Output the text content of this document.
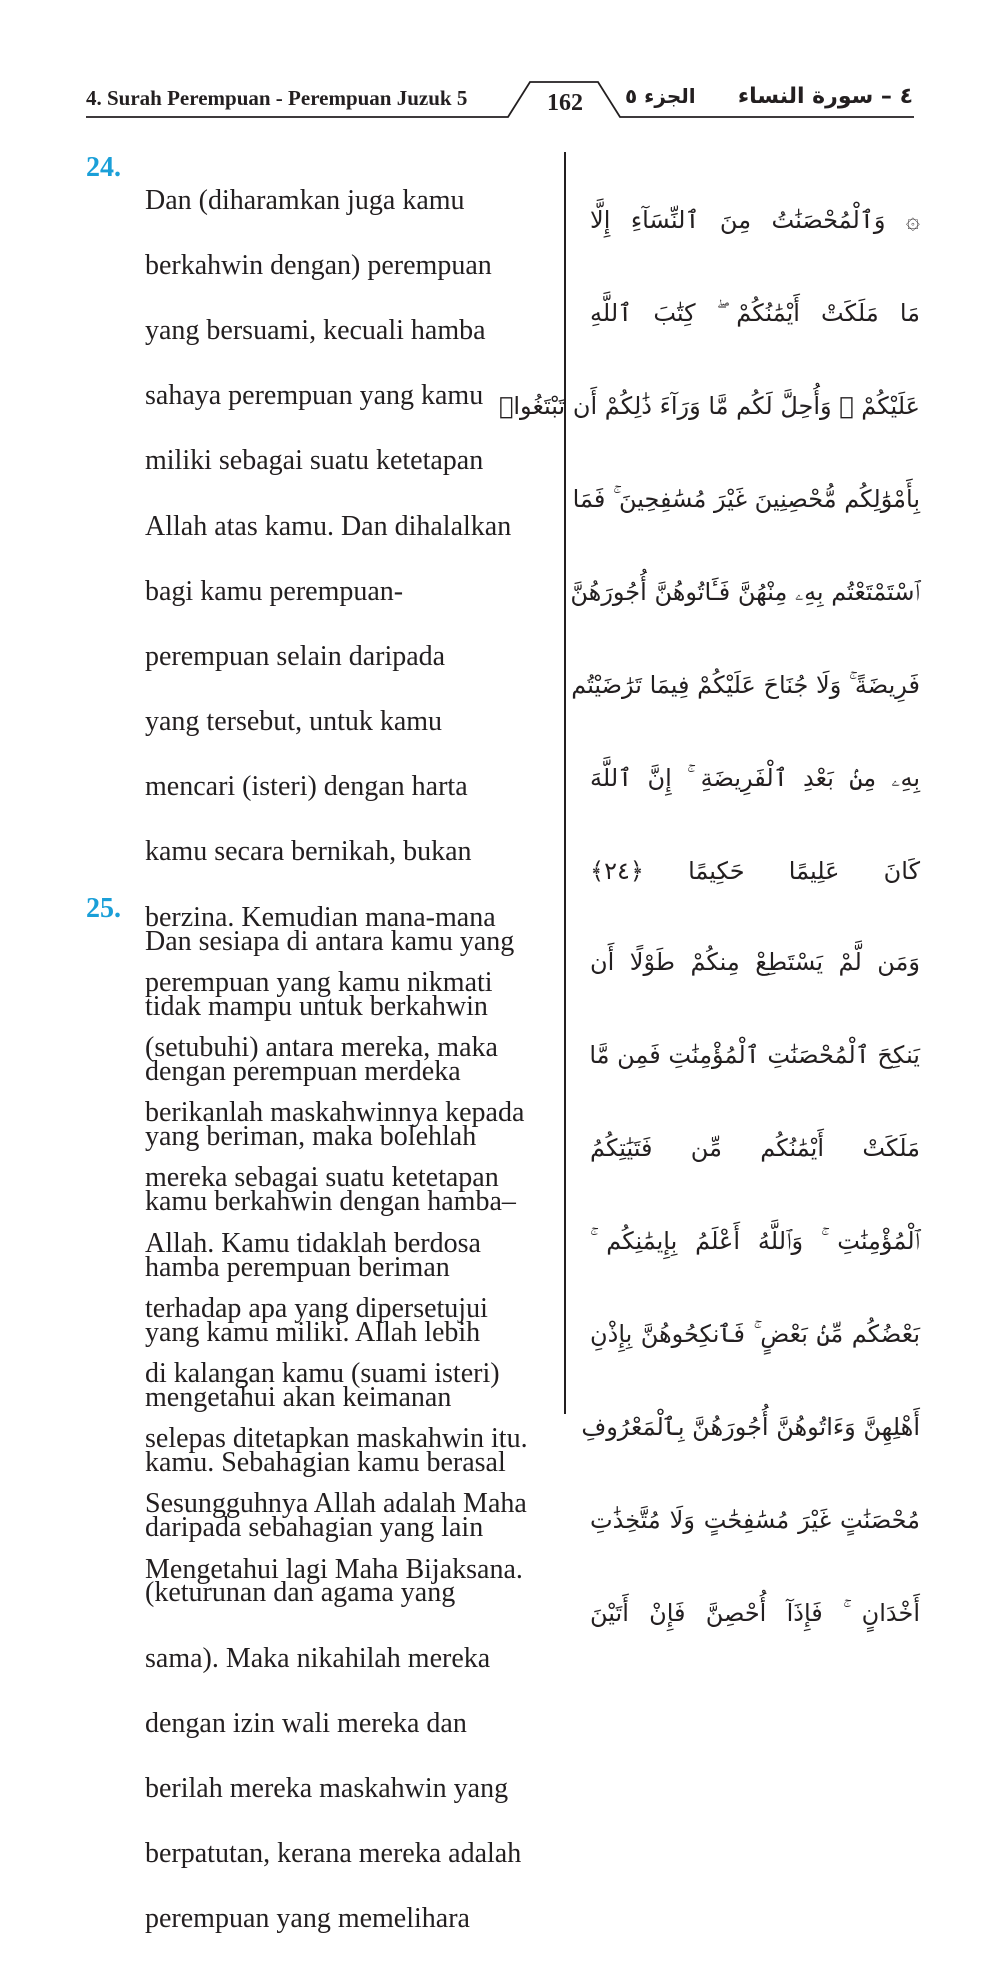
4. Surah Perempuan - Perempuan Juzuk 5	162	الجزء ٥ ٤ – سورة النساء
24.

Dan (diharamkan juga kamu

berkahwin dengan) perempuan

yang bersuami, kecuali hamba

sahaya perempuan yang kamu

miliki sebagai suatu ketetapan

Allah atas kamu. Dan dihalalkan

bagi kamu perempuan-

perempuan selain daripada

yang tersebut, untuk kamu

mencari (isteri) dengan harta

kamu secara bernikah, bukan

berzina. Kemudian mana-mana

perempuan yang kamu nikmati

(setubuhi) antara mereka, maka

berikanlah maskahwinnya kepada

mereka sebagai suatu ketetapan

Allah. Kamu tidaklah berdosa

terhadap apa yang dipersetujui

di kalangan kamu (suami isteri)

selepas ditetapkan maskahwin itu.

Sesungguhnya Allah adalah Maha

Mengetahui lagi Maha Bijaksana.

۞ وَٱلْمُحْصَنَٰتُ مِنَ ٱلنِّسَآءِ إِلَّا

مَا مَلَكَتْ أَيْمَٰنُكُمْ ۖ كِتَٰبَ ٱللَّهِ

عَلَيْكُمْ ۚ وَأُحِلَّ لَكُم مَّا وَرَآءَ ذَٰلِكُمْ أَن تَبْتَغُوا۟

بِأَمْوَٰلِكُم مُّحْصِنِينَ غَيْرَ مُسَٰفِحِينَ ۚ فَمَا

ٱسْتَمْتَعْتُم بِهِۦ مِنْهُنَّ فَـَٔاتُوهُنَّ أُجُورَهُنَّ

فَرِيضَةً ۚ وَلَا جُنَاحَ عَلَيْكُمْ فِيمَا تَرَٰضَيْتُم

بِهِۦ مِنۢ بَعْدِ ٱلْفَرِيضَةِ ۚ إِنَّ ٱللَّهَ

كَانَ عَلِيمًا حَكِيمًا ﴿٢٤﴾

25.

Dan sesiapa di antara kamu yang

tidak mampu untuk berkahwin

dengan perempuan merdeka

yang beriman, maka bolehlah

kamu berkahwin dengan hamba–

hamba perempuan beriman

yang kamu miliki. Allah lebih

mengetahui akan keimanan

kamu. Sebahagian kamu berasal

daripada sebahagian yang lain

(keturunan dan agama yang

sama). Maka nikahilah mereka

dengan izin wali mereka dan

berilah mereka maskahwin yang

berpatutan, kerana mereka adalah

perempuan yang memelihara

وَمَن لَّمْ يَسْتَطِعْ مِنكُمْ طَوْلًا أَن

يَنكِحَ ٱلْمُحْصَنَٰتِ ٱلْمُؤْمِنَٰتِ فَمِن مَّا

مَلَكَتْ أَيْمَٰنُكُم مِّن فَتَيَٰتِكُمُ

ٱلْمُؤْمِنَٰتِ ۚ وَٱللَّهُ أَعْلَمُ بِإِيمَٰنِكُم ۚ

بَعْضُكُم مِّنۢ بَعْضٍ ۚ فَٱنكِحُوهُنَّ بِإِذْنِ

أَهْلِهِنَّ وَءَاتُوهُنَّ أُجُورَهُنَّ بِٱلْمَعْرُوفِ

مُحْصَنَٰتٍ غَيْرَ مُسَٰفِحَٰتٍ وَلَا مُتَّخِذَٰتِ

أَخْدَانٍ ۚ فَإِذَآ أُحْصِنَّ فَإِنْ أَتَيْنَ
